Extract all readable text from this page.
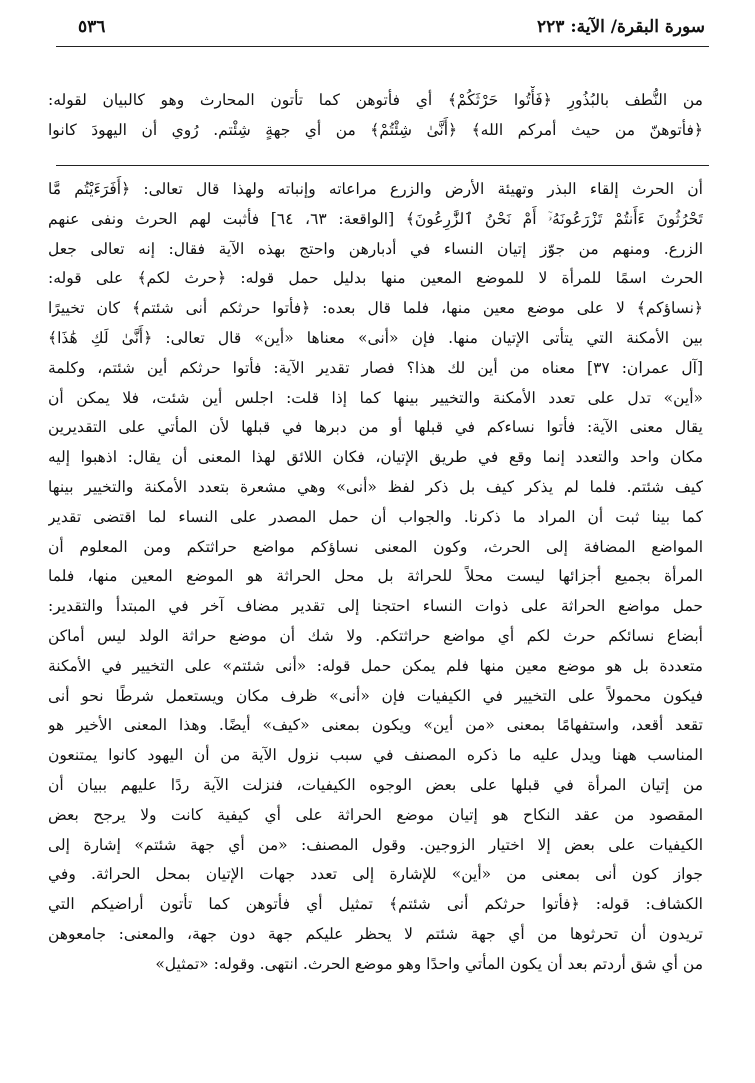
سورة البقرة/ الآية: ٢٢٣
٥٣٦
من النُّطف بالبُذُورِ ﴿فَأْتُوا حَرْثَكُمْ﴾ أي فأتوهن كما تأتون المحارث وهو كالبيان لقوله:
﴿فأتوهنّ من حيث أمركم الله﴾ ﴿أَنَّىٰ شِئْتُمْ﴾ من أي جهةٍ شِئْتم. رُوي أن اليهودَ كانوا
أن الحرث إلقاء البذر وتهيئة الأرض والزرع مراعاته وإنباته ولهذا قال تعالى: ﴿أَفَرَءَيْتُم مَّا
تَحْرُثُونَ ءَأَنتُمْ تَزْرَعُونَهُۥٓ أَمْ نَحْنُ ٱلزَّٰرِعُونَ﴾ [الواقعة: ٦٣، ٦٤] فأثبت لهم الحرث ونفى عنهم
الزرع. ومنهم من جوّز إتيان النساء في أدبارهن واحتج بهذه الآية فقال: إنه تعالى جعل
الحرث اسمًا للمرأة لا للموضع المعين منها بدليل حمل قوله: ﴿حرث لكم﴾ على قوله:
﴿نساؤكم﴾ لا على موضع معين منها، فلما قال بعده: ﴿فأتوا حرثكم أنى شئتم﴾ كان تخييرًا
بين الأمكنة التي يتأتى الإتيان منها. فإن «أنى» معناها «أين» قال تعالى: ﴿أَنَّىٰ لَكِ هَٰذَا﴾
[آل عمران: ٣٧] معناه من أين لك هذا؟ فصار تقدير الآية: فأتوا حرثكم أين شئتم، وكلمة
«أين» تدل على تعدد الأمكنة والتخيير بينها كما إذا قلت: اجلس أين شئت، فلا يمكن أن
يقال معنى الآية: فأتوا نساءكم في قبلها أو من دبرها في قبلها لأن المأتي على التقديرين
مكان واحد والتعدد إنما وقع في طريق الإتيان، فكان اللائق لهذا المعنى أن يقال: اذهبوا إليه
كيف شئتم. فلما لم يذكر كيف بل ذكر لفظ «أنى» وهي مشعرة بتعدد الأمكنة والتخيير بينها
كما بينا ثبت أن المراد ما ذكرنا. والجواب أن حمل المصدر على النساء لما اقتضى تقدير
المواضع المضافة إلى الحرث، وكون المعنى نساؤكم مواضع حراثتكم ومن المعلوم أن
المرأة بجميع أجزائها ليست محلاً للحراثة بل محل الحراثة هو الموضع المعين منها، فلما
حمل مواضع الحراثة على ذوات النساء احتجنا إلى تقدير مضاف آخر في المبتدأ والتقدير:
أبضاع نسائكم حرث لكم أي مواضع حراثتكم. ولا شك أن موضع حراثة الولد ليس أماكن
متعددة بل هو موضع معين منها فلم يمكن حمل قوله: «أنى شئتم» على التخيير في الأمكنة
فيكون محمولاً على التخيير في الكيفيات فإن «أنى» ظرف مكان ويستعمل شرطًا نحو أنى
تقعد أقعد، واستفهامًا بمعنى «من أين» ويكون بمعنى «كيف» أيضًا. وهذا المعنى الأخير هو
المناسب ههنا ويدل عليه ما ذكره المصنف في سبب نزول الآية من أن اليهود كانوا يمتنعون
من إتيان المرأة في قبلها على بعض الوجوه الكيفيات، فنزلت الآية ردًا عليهم ببيان أن
المقصود من عقد النكاح هو إتيان موضع الحراثة على أي كيفية كانت ولا يرجح بعض
الكيفيات على بعض إلا اختيار الزوجين. وقول المصنف: «من أي جهة شئتم» إشارة إلى
جواز كون أنى بمعنى من «أين» للإشارة إلى تعدد جهات الإتيان بمحل الحراثة. وفي
الكشاف: قوله: ﴿فأتوا حرثكم أنى شئتم﴾ تمثيل أي فأتوهن كما تأتون أراضيكم التي
تريدون أن تحرثوها من أي جهة شئتم لا يحظر عليكم جهة دون جهة، والمعنى: جامعوهن
من أي شق أردتم بعد أن يكون المأتي واحدًا وهو موضع الحرث. انتهى. وقوله: «تمثيل»
